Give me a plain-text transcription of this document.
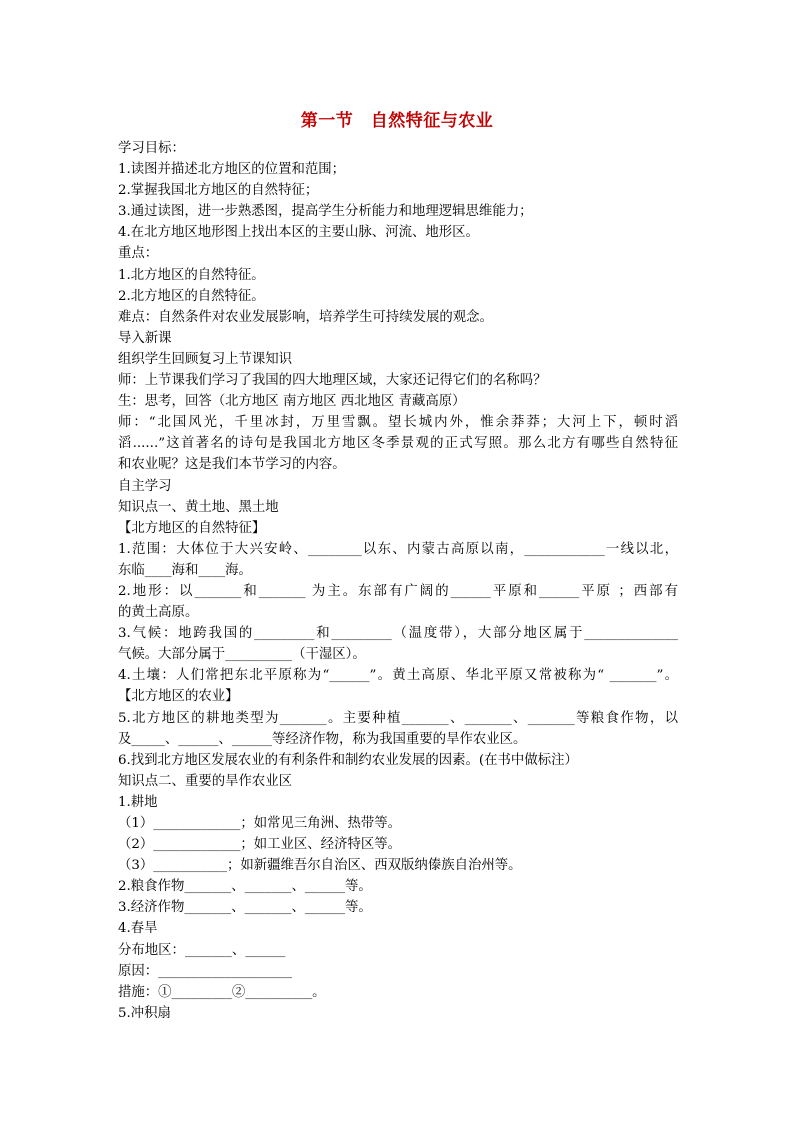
第一节　自然特征与农业
学习目标：
1.读图并描述北方地区的位置和范围；
2.掌握我国北方地区的自然特征；
3.通过读图，进一步熟悉图，提高学生分析能力和地理逻辑思维能力；
4.在北方地区地形图上找出本区的主要山脉、河流、地形区。
重点：
1.北方地区的自然特征。
2.北方地区的自然特征。
难点：自然条件对农业发展影响，培养学生可持续发展的观念。
导入新课
组织学生回顾复习上节课知识
师：上节课我们学习了我国的四大地理区域，大家还记得它们的名称吗？
生：思考，回答（北方地区 南方地区 西北地区 青藏高原）
师：“北国风光，千里冰封，万里雪飘。望长城内外，惟余莽莽；大河上下，顿时滔
滔......”这首著名的诗句是我国北方地区冬季景观的正式写照。那么北方有哪些自然特征
和农业呢？这是我们本节学习的内容。
自主学习
知识点一、黄土地、黑土地
【北方地区的自然特征】
1.范围：大体位于大兴安岭、________以东、内蒙古高原以南，____________一线以北，
东临____海和____海。
2.地形：以_______和_______ 为主。东部有广阔的______平原和______平原 ；西部有
的黄土高原。
3.气候：地跨我国的_________和_________（温度带），大部分地区属于______________
气候。大部分属于__________（干湿区）。
4.土壤：人们常把东北平原称为“______”。黄土高原、华北平原又常被称为“ _______”。
【北方地区的农业】
5.北方地区的耕地类型为_______。主要种植_______、_______、_______等粮食作物，以
及_____、______、______等经济作物，称为我国重要的旱作农业区。
6.找到北方地区发展农业的有利条件和制约农业发展的因素。(在书中做标注）
知识点二、重要的旱作农业区
1.耕地
（1）_____________；如常见三角洲、热带等。
（2）_____________；如工业区、经济特区等。
（3）___________；如新疆维吾尔自治区、西双版纳傣族自治州等。
2.粮食作物_______、_______、______等。
3.经济作物_______、_______、______等。
4.春旱
分布地区：_______、______
原因：____________________
措施：①_________②__________。
5.冲积扇
